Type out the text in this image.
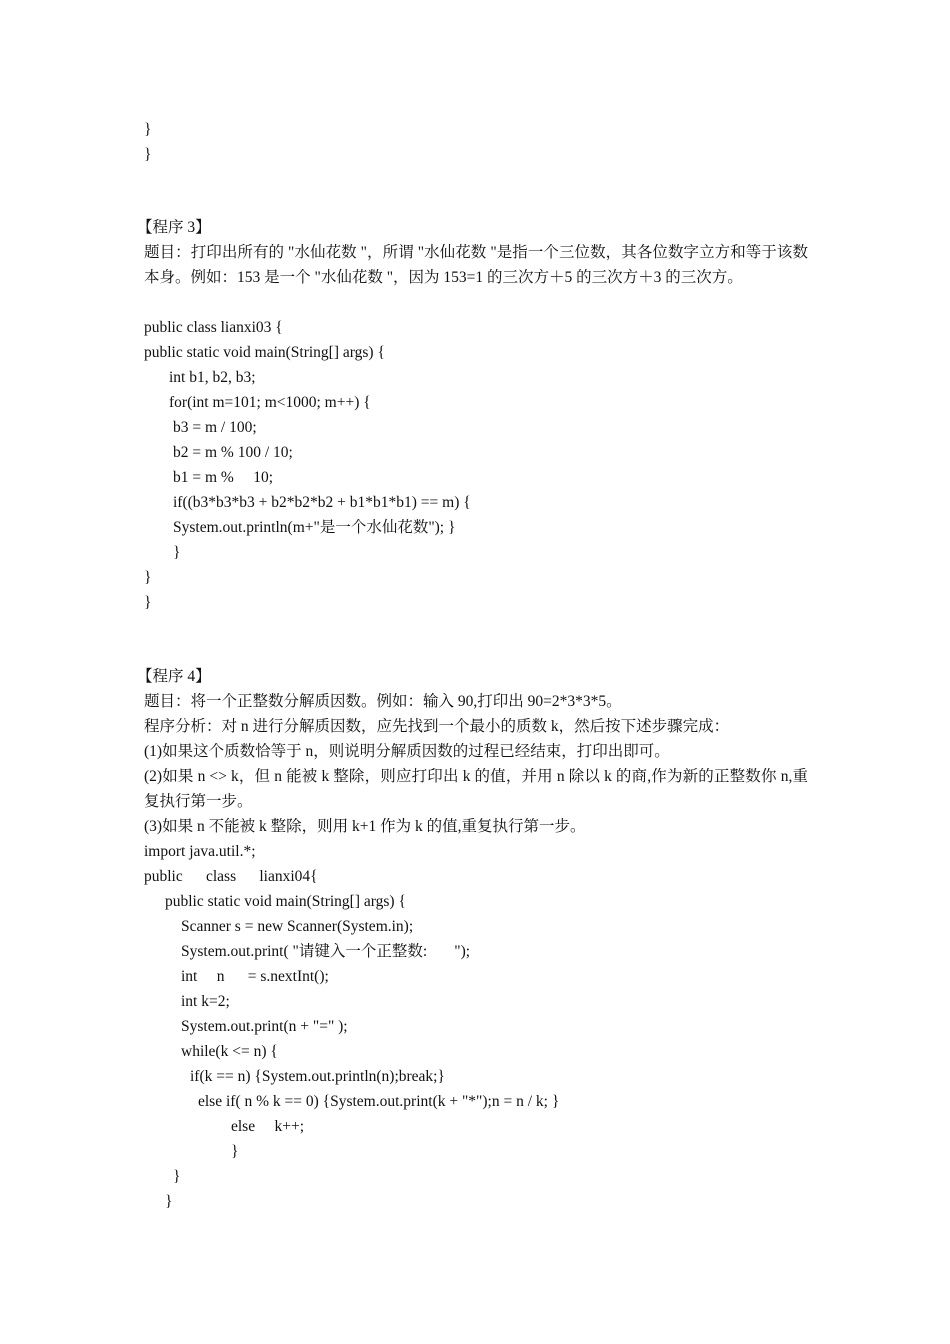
}
}
【程序 3】
题目：打印出所有的 "水仙花数 "，所谓 "水仙花数 "是指一个三位数，其各位数字立方和等于该数本身。例如：153 是一个 "水仙花数 "，因为 153=1 的三次方＋5 的三次方＋3 的三次方。
public class lianxi03 {
public static void main(String[] args) {
int b1, b2, b3;
for(int m=101; m<1000; m++) {
b3 = m / 100;
b2 = m % 100 / 10;
b1 = m %     10;
if((b3*b3*b3 + b2*b2*b2 + b1*b1*b1) == m) {
System.out.println(m+"是一个水仙花数"); }
}
}
}
【程序 4】
题目：将一个正整数分解质因数。例如：输入 90,打印出 90=2*3*3*5。
程序分析：对 n 进行分解质因数，应先找到一个最小的质数 k，然后按下述步骤完成：
(1)如果这个质数恰等于 n，则说明分解质因数的过程已经结束，打印出即可。
(2)如果 n <> k，但 n 能被 k 整除，则应打印出 k 的值，并用 n 除以 k 的商,作为新的正整数你 n,重复执行第一步。
(3)如果 n 不能被 k 整除，则用 k+1 作为 k 的值,重复执行第一步。
import java.util.*;
public      class      lianxi04{
public static void main(String[] args) {
Scanner s = new Scanner(System.in);
System.out.print( "请键入一个正整数:       ");
int     n      = s.nextInt();
int k=2;
System.out.print(n + "=" );
while(k <= n) {
if(k == n) {System.out.println(n);break;}
else if( n % k == 0) {System.out.print(k + "*");n = n / k; }
else     k++;
}
}
}
